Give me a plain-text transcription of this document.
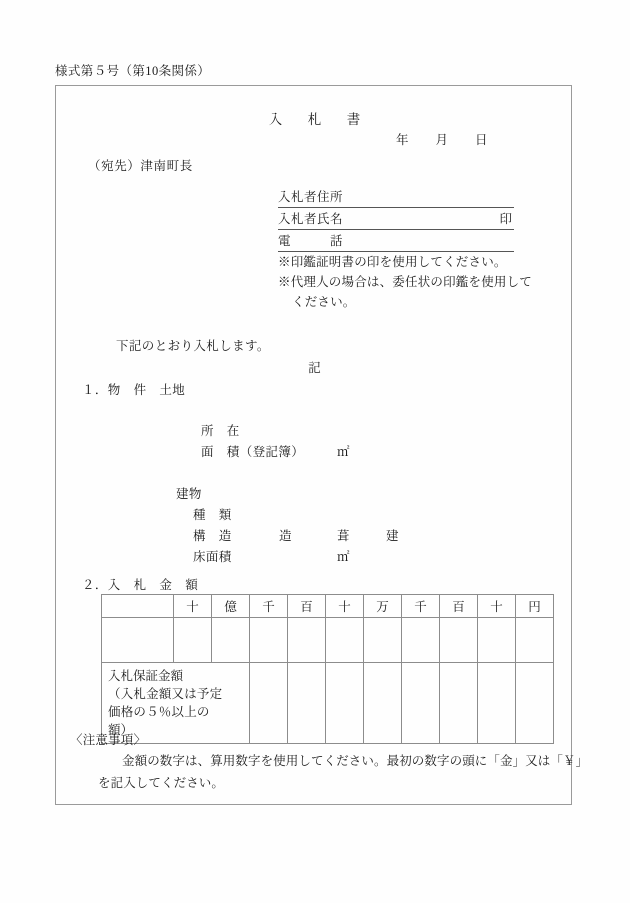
様式第５号（第10条関係）
入　札　書
年 月 日
（宛先）津南町長
入札者住所
入札者氏名	印
電　　　話
※印鑑証明書の印を使用してください。
※代理人の場合は、委任状の印鑑を使用して
ください。
下記のとおり入札します。
記
１．物　件　土地
所　在
面　積（登記簿）	㎡
建物
種　類
構　造	造	葺	建
床面積	㎡
２．入　札　金　額
	十	億	千	百	十	万	千	百	十	円

入札保証金額
（入札金額又は予定
価格の５％以上の
額）										

〈注意事項〉
金額の数字は、算用数字を使用してください。最初の数字の頭に「金」又は「￥」
を記入してください。
